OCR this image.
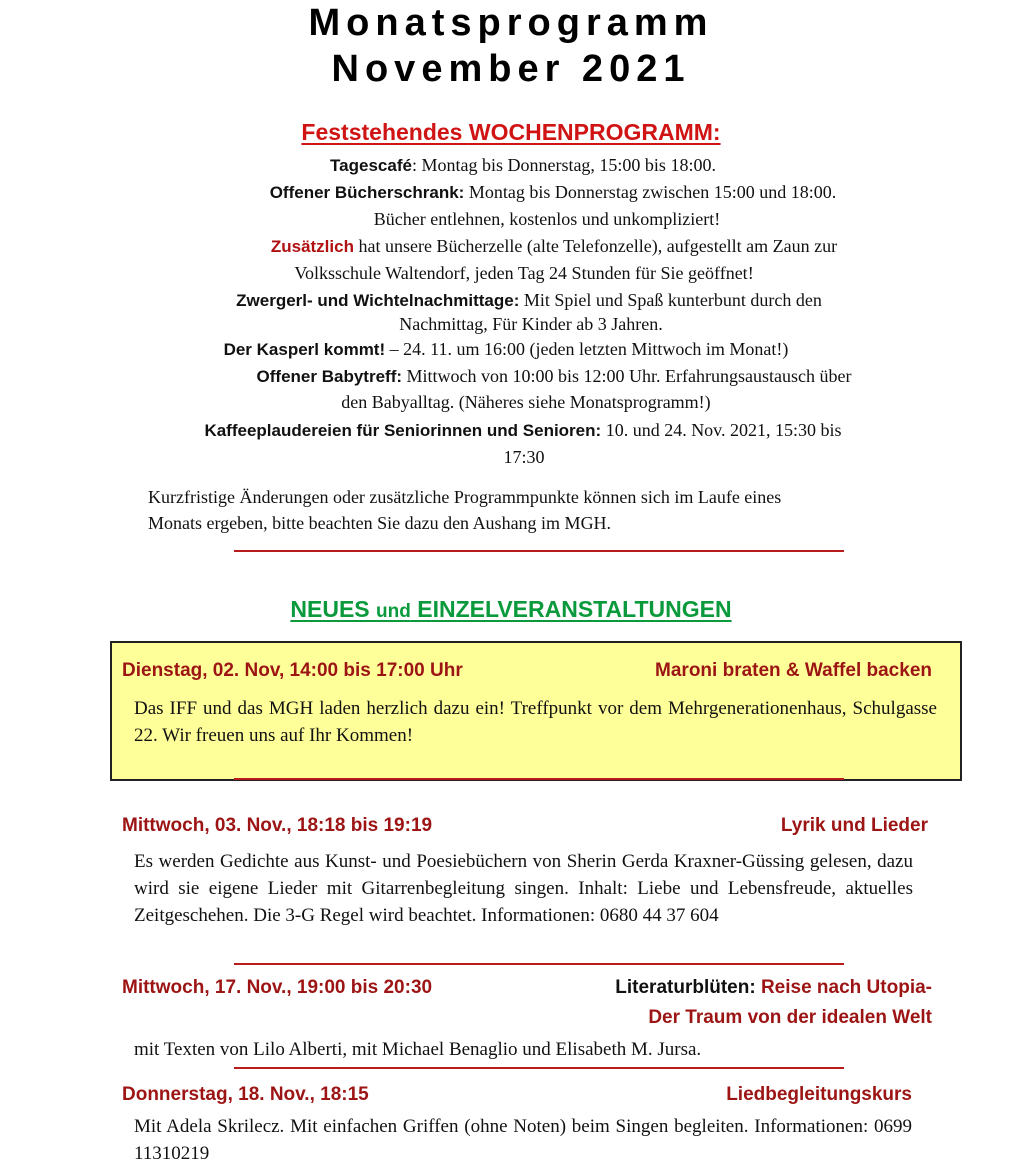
Monatsprogramm
November 2021
Feststehendes WOCHENPROGRAMM:
Tagescafé: Montag bis Donnerstag, 15:00 bis 18:00.
Offener Bücherschrank: Montag bis Donnerstag zwischen 15:00 und 18:00.
Bücher entlehnen, kostenlos und unkompliziert!
Zusätzlich hat unsere Bücherzelle (alte Telefonzelle), aufgestellt am Zaun zur
Volksschule Waltendorf, jeden Tag 24 Stunden für Sie geöffnet!
Zwergerl- und Wichtelnachmittage: Mit Spiel und Spaß kunterbunt durch den
Nachmittag, Für Kinder ab 3 Jahren.
Der Kasperl kommt! – 24. 11. um 16:00 (jeden letzten Mittwoch im Monat!)
Offener Babytreff: Mittwoch von 10:00 bis 12:00 Uhr. Erfahrungsaustausch über
den Babyalltag. (Näheres siehe Monatsprogramm!)
Kaffeeplaudereien für Seniorinnen und Senioren: 10. und 24. Nov. 2021, 15:30 bis
17:30
Kurzfristige Änderungen oder zusätzliche Programmpunkte können sich im Laufe eines
Monats ergeben, bitte beachten Sie dazu den Aushang im MGH.
NEUES und EINZELVERANSTALTUNGEN
Dienstag, 02. Nov, 14:00 bis 17:00 Uhr	Maroni braten & Waffel backen
Das IFF und das MGH laden herzlich dazu ein! Treffpunkt vor dem Mehrgenerationenhaus, Schulgasse 22. Wir freuen uns auf Ihr Kommen!
Mittwoch, 03. Nov., 18:18 bis 19:19	Lyrik und Lieder
Es werden Gedichte aus Kunst- und Poesiebüchern von Sherin Gerda Kraxner-Güssing gelesen, dazu wird sie eigene Lieder mit Gitarrenbegleitung singen. Inhalt: Liebe und Lebensfreude, aktuelles Zeitgeschehen. Die 3-G Regel wird beachtet. Informationen: 0680 44 37 604
Mittwoch, 17. Nov., 19:00 bis 20:30	Literaturblüten: Reise nach Utopia-
Der Traum von der idealen Welt
mit Texten von Lilo Alberti, mit Michael Benaglio und Elisabeth M. Jursa.
Donnerstag, 18. Nov., 18:15	Liedbegleitungskurs
Mit Adela Skrilecz. Mit einfachen Griffen (ohne Noten) beim Singen begleiten. Informationen: 0699 11310219
